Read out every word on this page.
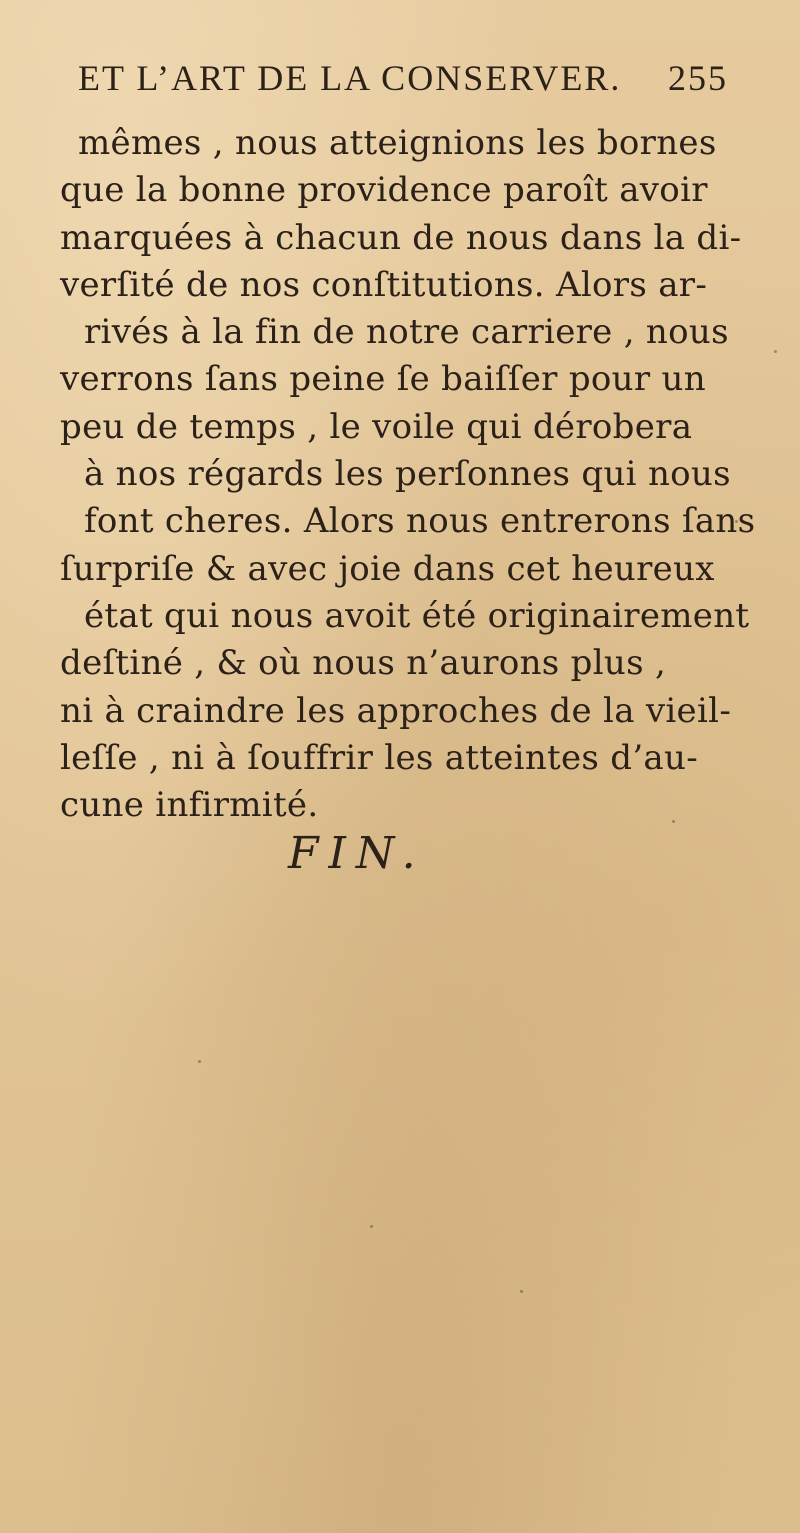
ET L’ART DE LA CONSERVER. 255
mêmes , nous atteignions les bornes
que la bonne providence paroît avoir
marquées à chacun de nous dans la di-
verſité de nos conſtitutions. Alors ar-
rivés à la fin de notre carriere , nous
verrons ſans peine ſe baiſſer pour un
peu de temps , le voile qui dérobera
à nos régards les perſonnes qui nous
font cheres. Alors nous entrerons ſans
ſurpriſe & avec joie dans cet heureux
état qui nous avoit été originairement
deſtiné , & où nous n’aurons plus ,
ni à craindre les approches de la vieil-
leſſe , ni à ſouffrir les atteintes d’au-
cune infirmité.
FIN.
